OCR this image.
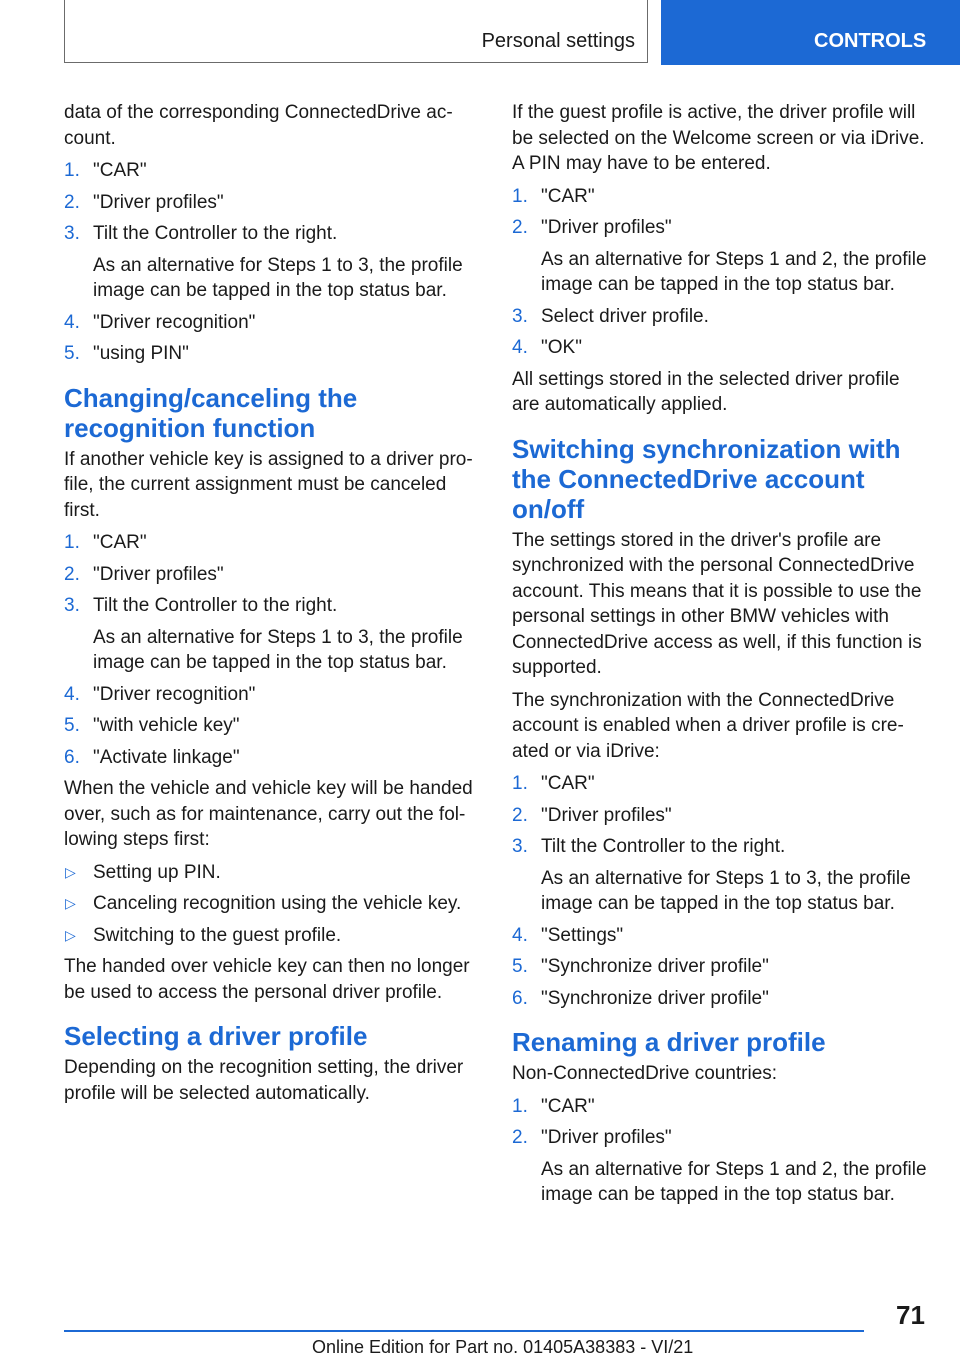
Personal settings	CONTROLS

data of the corresponding ConnectedDrive ac‐ count.

1. "CAR"
2. "Driver profiles"
3. Tilt the Controller to the right.
As an alternative for Steps 1 to 3, the profile image can be tapped in the top status bar.
4. "Driver recognition"
5. "using PIN"
Changing/canceling the recognition function

If another vehicle key is assigned to a driver pro‐ file, the current assignment must be canceled first.

1. "CAR"
2. "Driver profiles"
3. Tilt the Controller to the right.
As an alternative for Steps 1 to 3, the profile image can be tapped in the top status bar.
4. "Driver recognition"
5. "with vehicle key"
6. "Activate linkage"

When the vehicle and vehicle key will be handed over, such as for maintenance, carry out the fol‐ lowing steps first:

▷ Setting up PIN.
▷ Canceling recognition using the vehicle key.
▷ Switching to the guest profile.

The handed over vehicle key can then no longer be used to access the personal driver profile.

Selecting a driver profile

Depending on the recognition setting, the driver profile will be selected automatically.

If the guest profile is active, the driver profile will be selected on the Welcome screen or via iDrive. A PIN may have to be entered.

1. "CAR"
2. "Driver profiles"
As an alternative for Steps 1 and 2, the profile image can be tapped in the top status bar.
3. Select driver profile.
4. "OK"

All settings stored in the selected driver profile are automatically applied.

Switching synchronization with the ConnectedDrive account on/off

The settings stored in the driver's profile are synchronized with the personal ConnectedDrive account. This means that it is possible to use the personal settings in other BMW vehicles with ConnectedDrive access as well, if this function is supported.

The synchronization with the ConnectedDrive account is enabled when a driver profile is cre‐ ated or via iDrive:

1. "CAR"
2. "Driver profiles"
3. Tilt the Controller to the right.
As an alternative for Steps 1 to 3, the profile image can be tapped in the top status bar.
4. "Settings"
5. "Synchronize driver profile"
6. "Synchronize driver profile"
Renaming a driver profile

Non-ConnectedDrive countries:

1. "CAR"
2. "Driver profiles"
As an alternative for Steps 1 and 2, the profile image can be tapped in the top status bar.
71
Online Edition for Part no. 01405A38383 - VI/21
